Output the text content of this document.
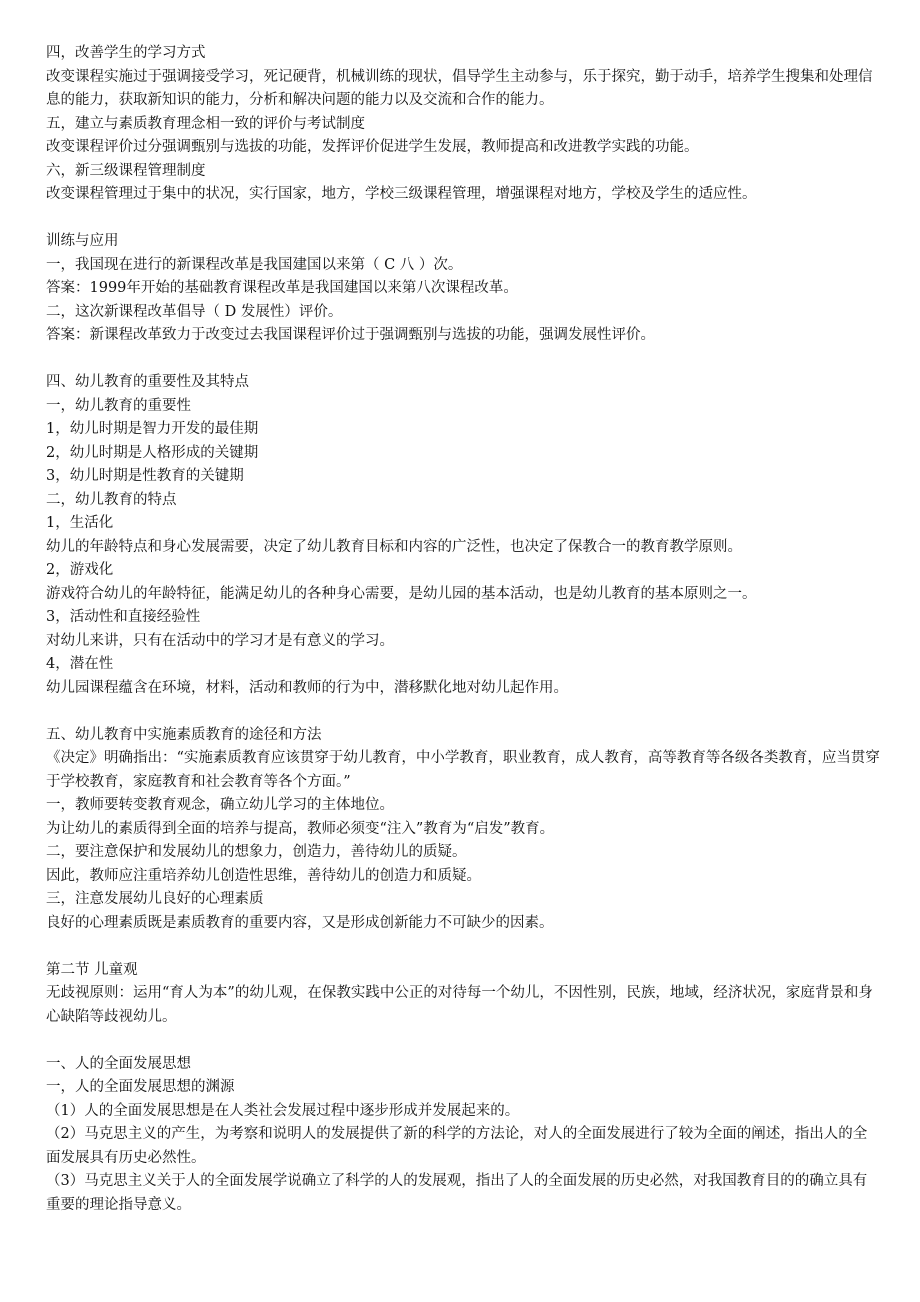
四，改善学生的学习方式

改变课程实施过于强调接受学习，死记硬背，机械训练的现状，倡导学生主动参与，乐于探究，勤于动手，培养学生搜集和处理信息的能力，获取新知识的能力，分析和解决问题的能力以及交流和合作的能力。

五，建立与素质教育理念相一致的评价与考试制度

改变课程评价过分强调甄别与选拔的功能，发挥评价促进学生发展，教师提高和改进教学实践的功能。

六，新三级课程管理制度

改变课程管理过于集中的状况，实行国家，地方，学校三级课程管理，增强课程对地方，学校及学生的适应性。

训练与应用

一，我国现在进行的新课程改革是我国建国以来第（ C 八 ）次。

答案：1999年开始的基础教育课程改革是我国建国以来第八次课程改革。

二，这次新课程改革倡导（ D 发展性）评价。

答案：新课程改革致力于改变过去我国课程评价过于强调甄别与选拔的功能，强调发展性评价。

四、幼儿教育的重要性及其特点

一，幼儿教育的重要性

1，幼儿时期是智力开发的最佳期

2，幼儿时期是人格形成的关键期

3，幼儿时期是性教育的关键期

二，幼儿教育的特点

1，生活化

幼儿的年龄特点和身心发展需要，决定了幼儿教育目标和内容的广泛性，也决定了保教合一的教育教学原则。

2，游戏化

游戏符合幼儿的年龄特征，能满足幼儿的各种身心需要，是幼儿园的基本活动，也是幼儿教育的基本原则之一。

3，活动性和直接经验性

对幼儿来讲，只有在活动中的学习才是有意义的学习。

4，潜在性

幼儿园课程蕴含在环境，材料，活动和教师的行为中，潜移默化地对幼儿起作用。

五、幼儿教育中实施素质教育的途径和方法

《决定》明确指出：“实施素质教育应该贯穿于幼儿教育，中小学教育，职业教育，成人教育，高等教育等各级各类教育，应当贯穿于学校教育，家庭教育和社会教育等各个方面。”

一，教师要转变教育观念，确立幼儿学习的主体地位。

为让幼儿的素质得到全面的培养与提高，教师必须变“注入”教育为“启发”教育。

二，要注意保护和发展幼儿的想象力，创造力，善待幼儿的质疑。

因此，教师应注重培养幼儿创造性思维，善待幼儿的创造力和质疑。

三，注意发展幼儿良好的心理素质

良好的心理素质既是素质教育的重要内容，又是形成创新能力不可缺少的因素。

第二节 儿童观

无歧视原则：运用“育人为本”的幼儿观，在保教实践中公正的对待每一个幼儿，不因性别，民族，地域，经济状况，家庭背景和身心缺陷等歧视幼儿。

一、人的全面发展思想

一，人的全面发展思想的渊源

（1）人的全面发展思想是在人类社会发展过程中逐步形成并发展起来的。

（2）马克思主义的产生，为考察和说明人的发展提供了新的科学的方法论，对人的全面发展进行了较为全面的阐述，指出人的全面发展具有历史必然性。

（3）马克思主义关于人的全面发展学说确立了科学的人的发展观，指出了人的全面发展的历史必然，对我国教育目的的确立具有重要的理论指导意义。
